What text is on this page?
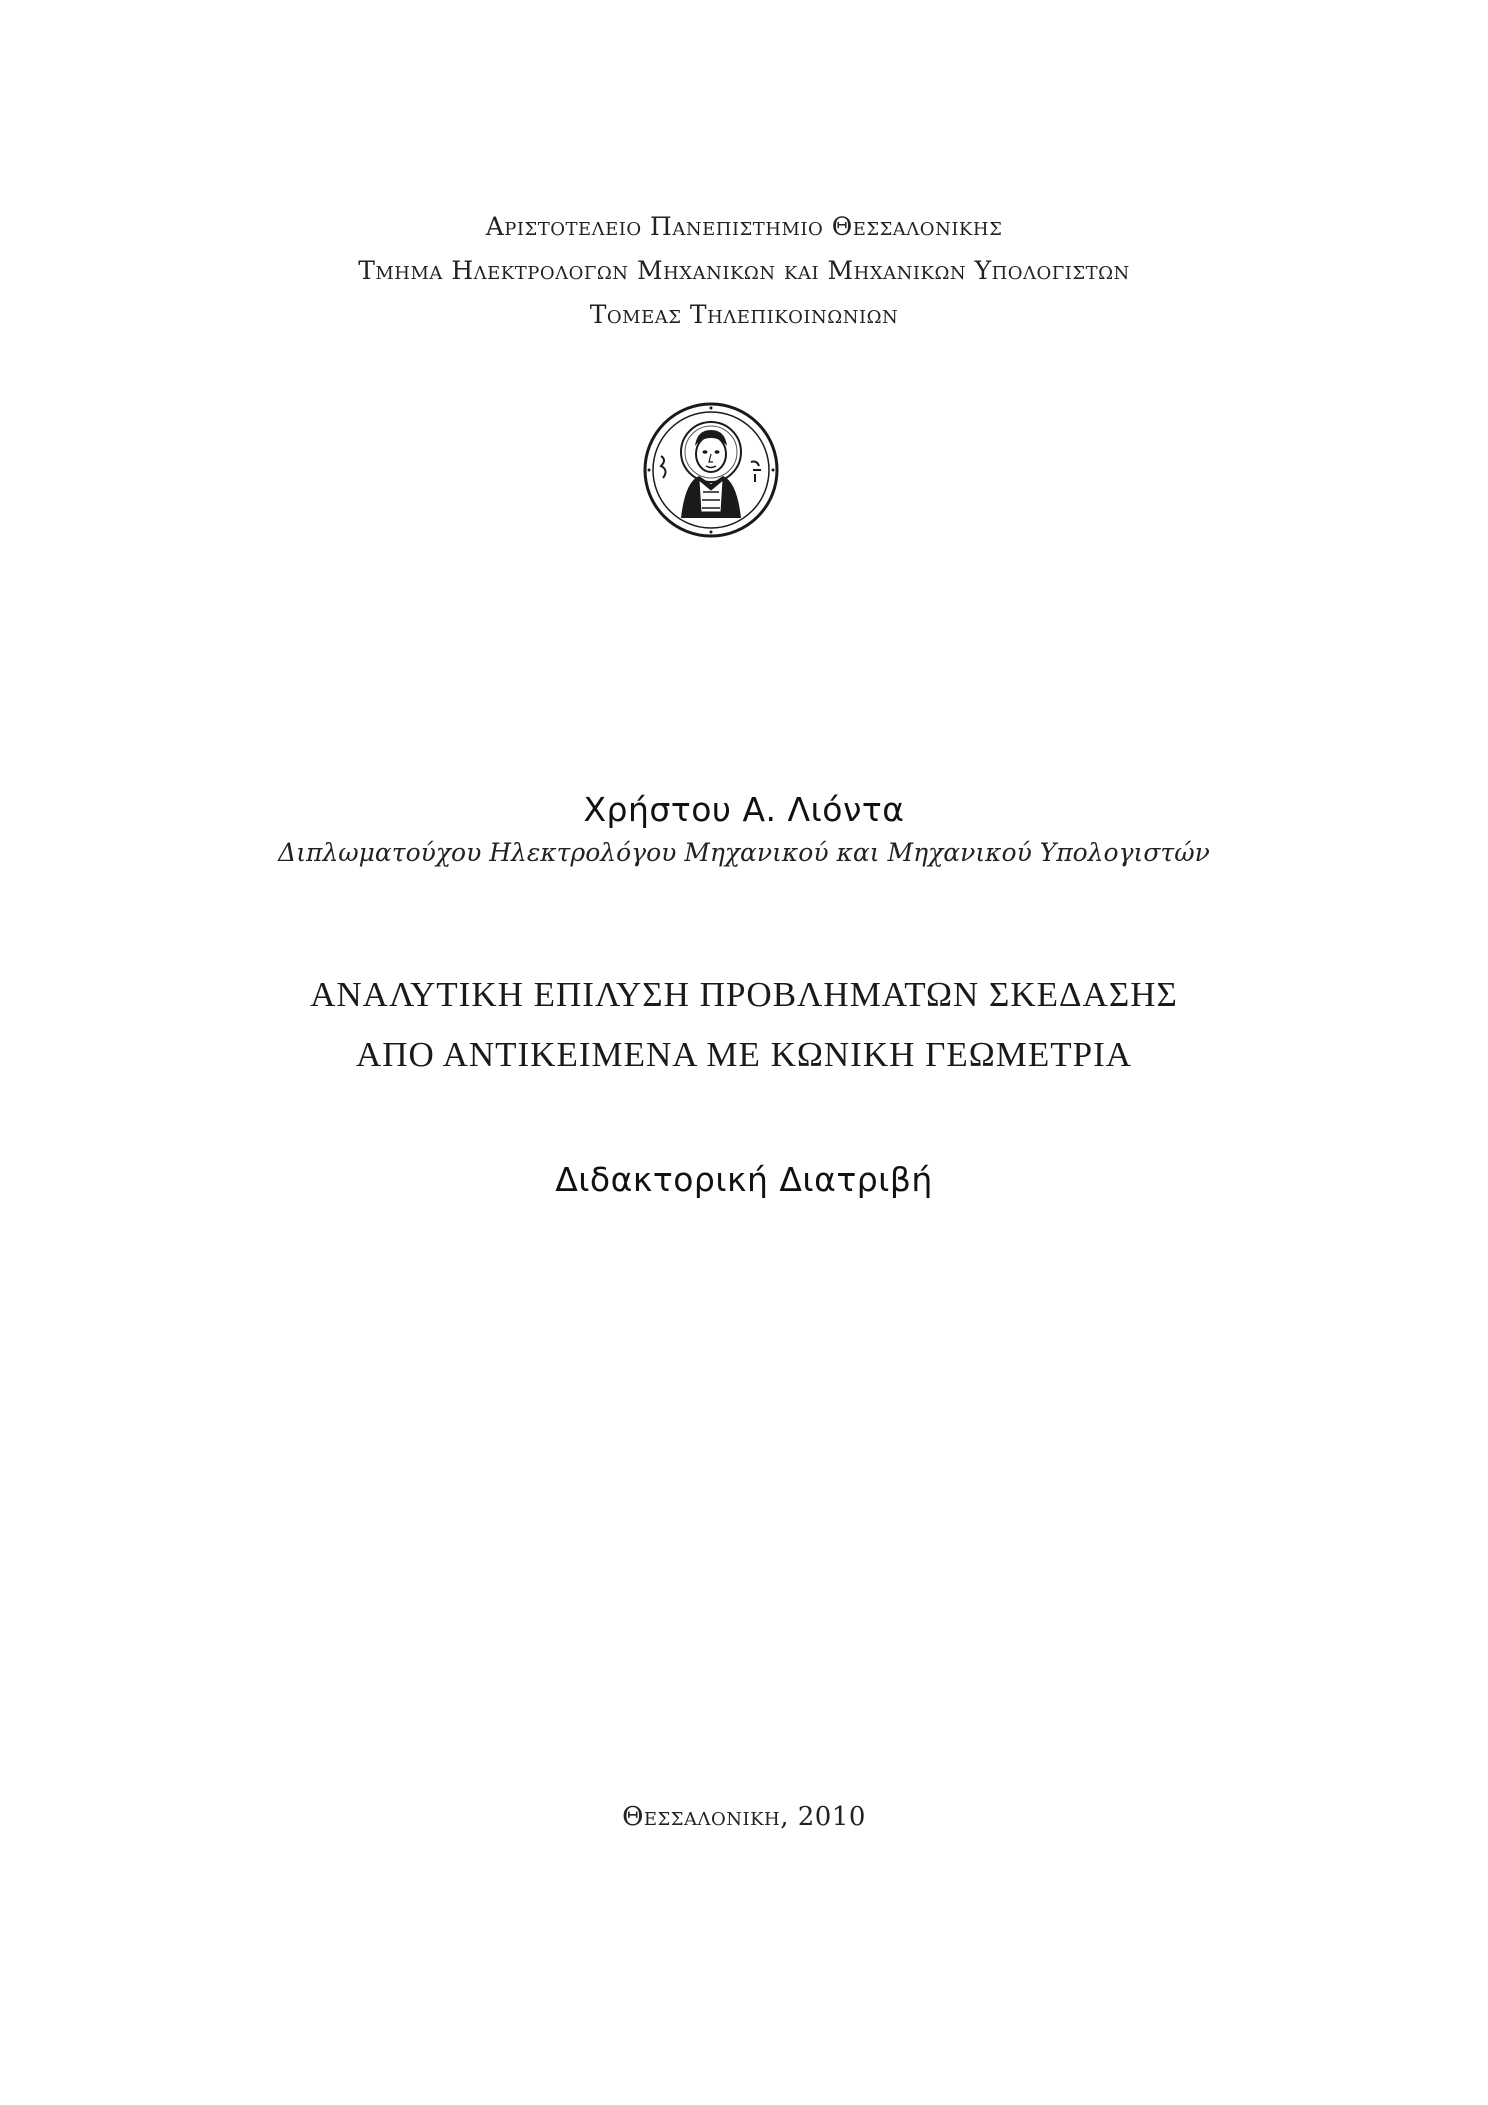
Αριστοτελειο Πανεπιστημιο Θεσσαλονικης
Τμημα Ηλεκτρολογων Μηχανικων και Μηχανικων Υπολογιστων
Τομεας Τηλεπικοινωνιων
Χρήστου Α. Λιόντα
Διπλωματούχου Ηλεκτρολόγου Μηχανικού και Μηχανικού Υπολογιστών
ΑΝΑΛΥΤΙΚΗ ΕΠΙΛΥΣΗ ΠΡΟΒΛΗΜΑΤΩΝ ΣΚΕΔΑΣΗΣ
ΑΠΟ ΑΝΤΙΚΕΙΜΕΝΑ ΜΕ ΚΩΝΙΚΗ ΓΕΩΜΕΤΡΙΑ
Διδακτορική Διατριβή
Θεσσαλονικη, 2010
